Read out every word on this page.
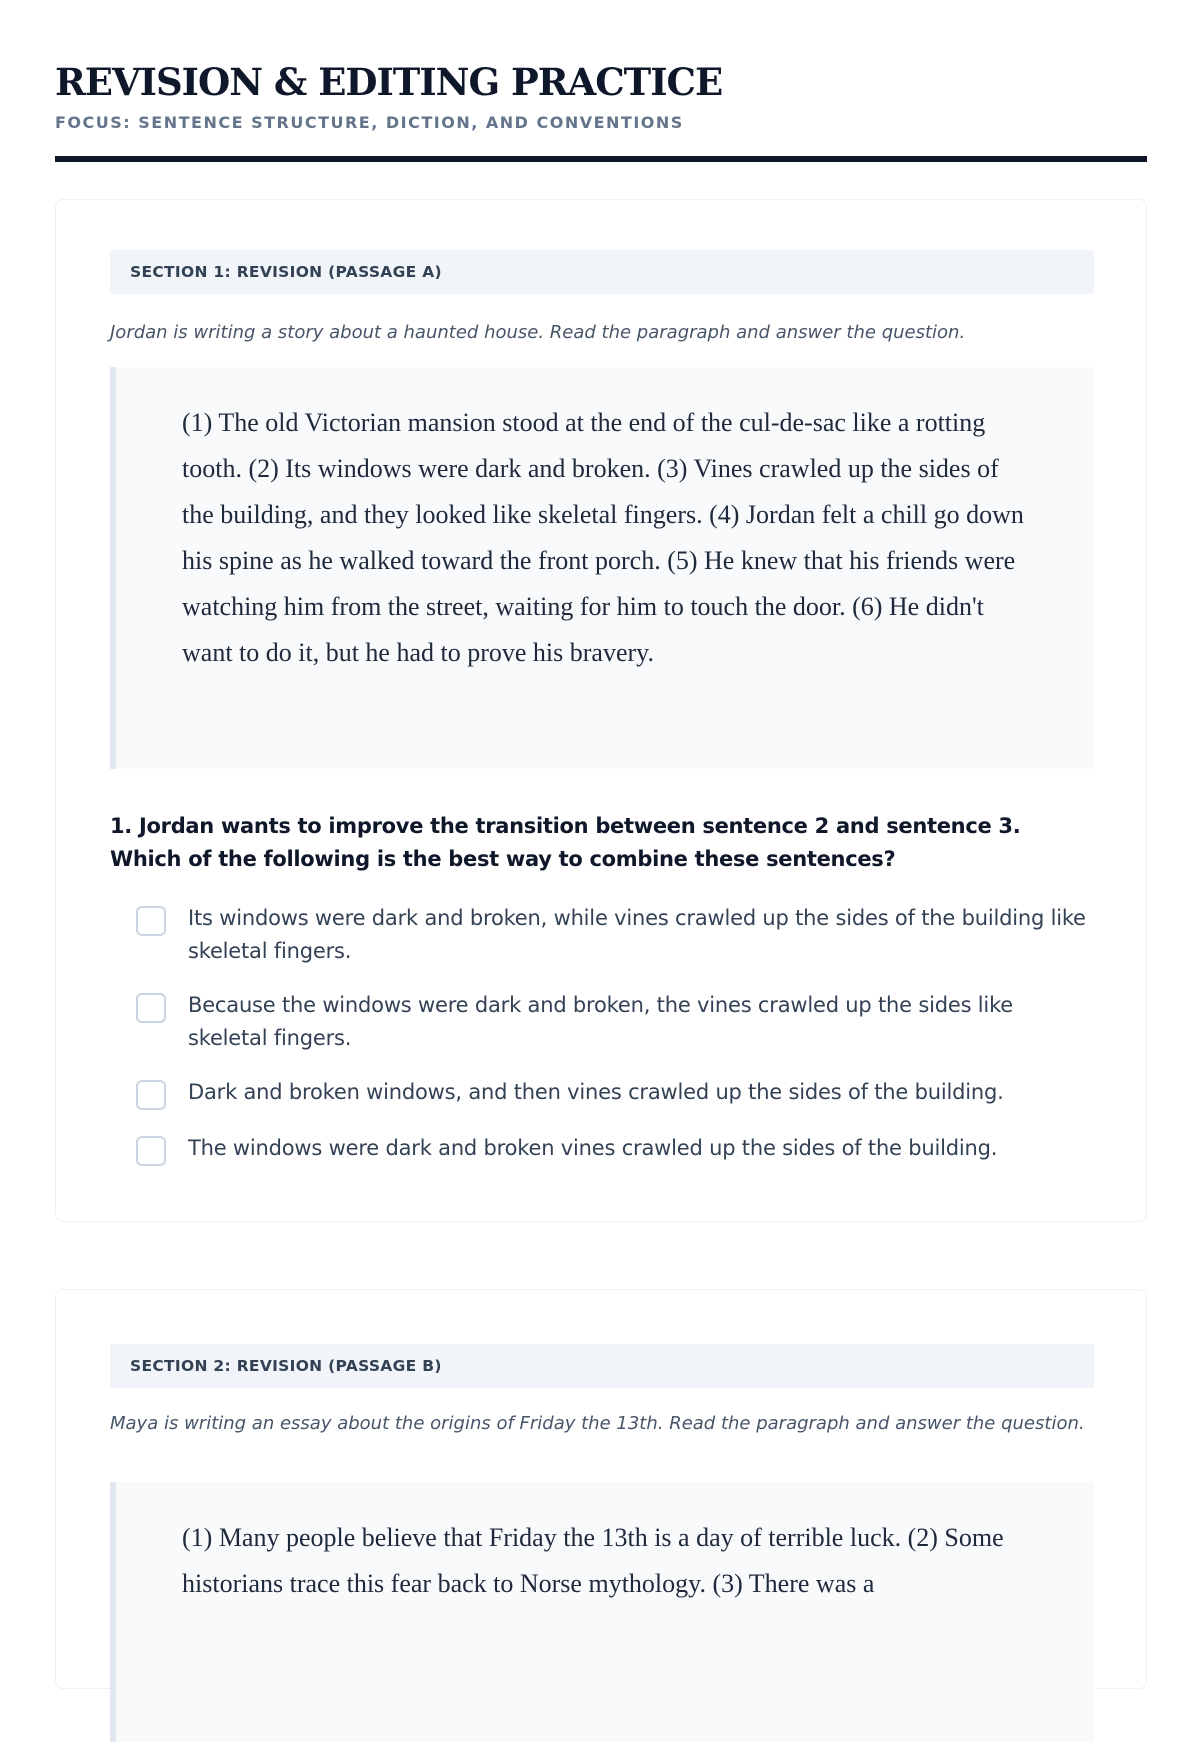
REVISION & EDITING PRACTICE
FOCUS: SENTENCE STRUCTURE, DICTION, AND CONVENTIONS
SECTION 1: REVISION (PASSAGE A)
Jordan is writing a story about a haunted house. Read the paragraph and answer the question.
(1) The old Victorian mansion stood at the end of the cul-de-sac like a rotting tooth. (2) Its windows were dark and broken. (3) Vines crawled up the sides of the building, and they looked like skeletal fingers. (4) Jordan felt a chill go down his spine as he walked toward the front porch. (5) He knew that his friends were watching him from the street, waiting for him to touch the door. (6) He didn't want to do it, but he had to prove his bravery.
1. Jordan wants to improve the transition between sentence 2 and sentence 3. Which of the following is the best way to combine these sentences?
Its windows were dark and broken, while vines crawled up the sides of the building like skeletal fingers.
Because the windows were dark and broken, the vines crawled up the sides like skeletal fingers.
Dark and broken windows, and then vines crawled up the sides of the building.
The windows were dark and broken vines crawled up the sides of the building.
SECTION 2: REVISION (PASSAGE B)
Maya is writing an essay about the origins of Friday the 13th. Read the paragraph and answer the question.
(1) Many people believe that Friday the 13th is a day of terrible luck. (2) Some historians trace this fear back to Norse mythology. (3) There was a
